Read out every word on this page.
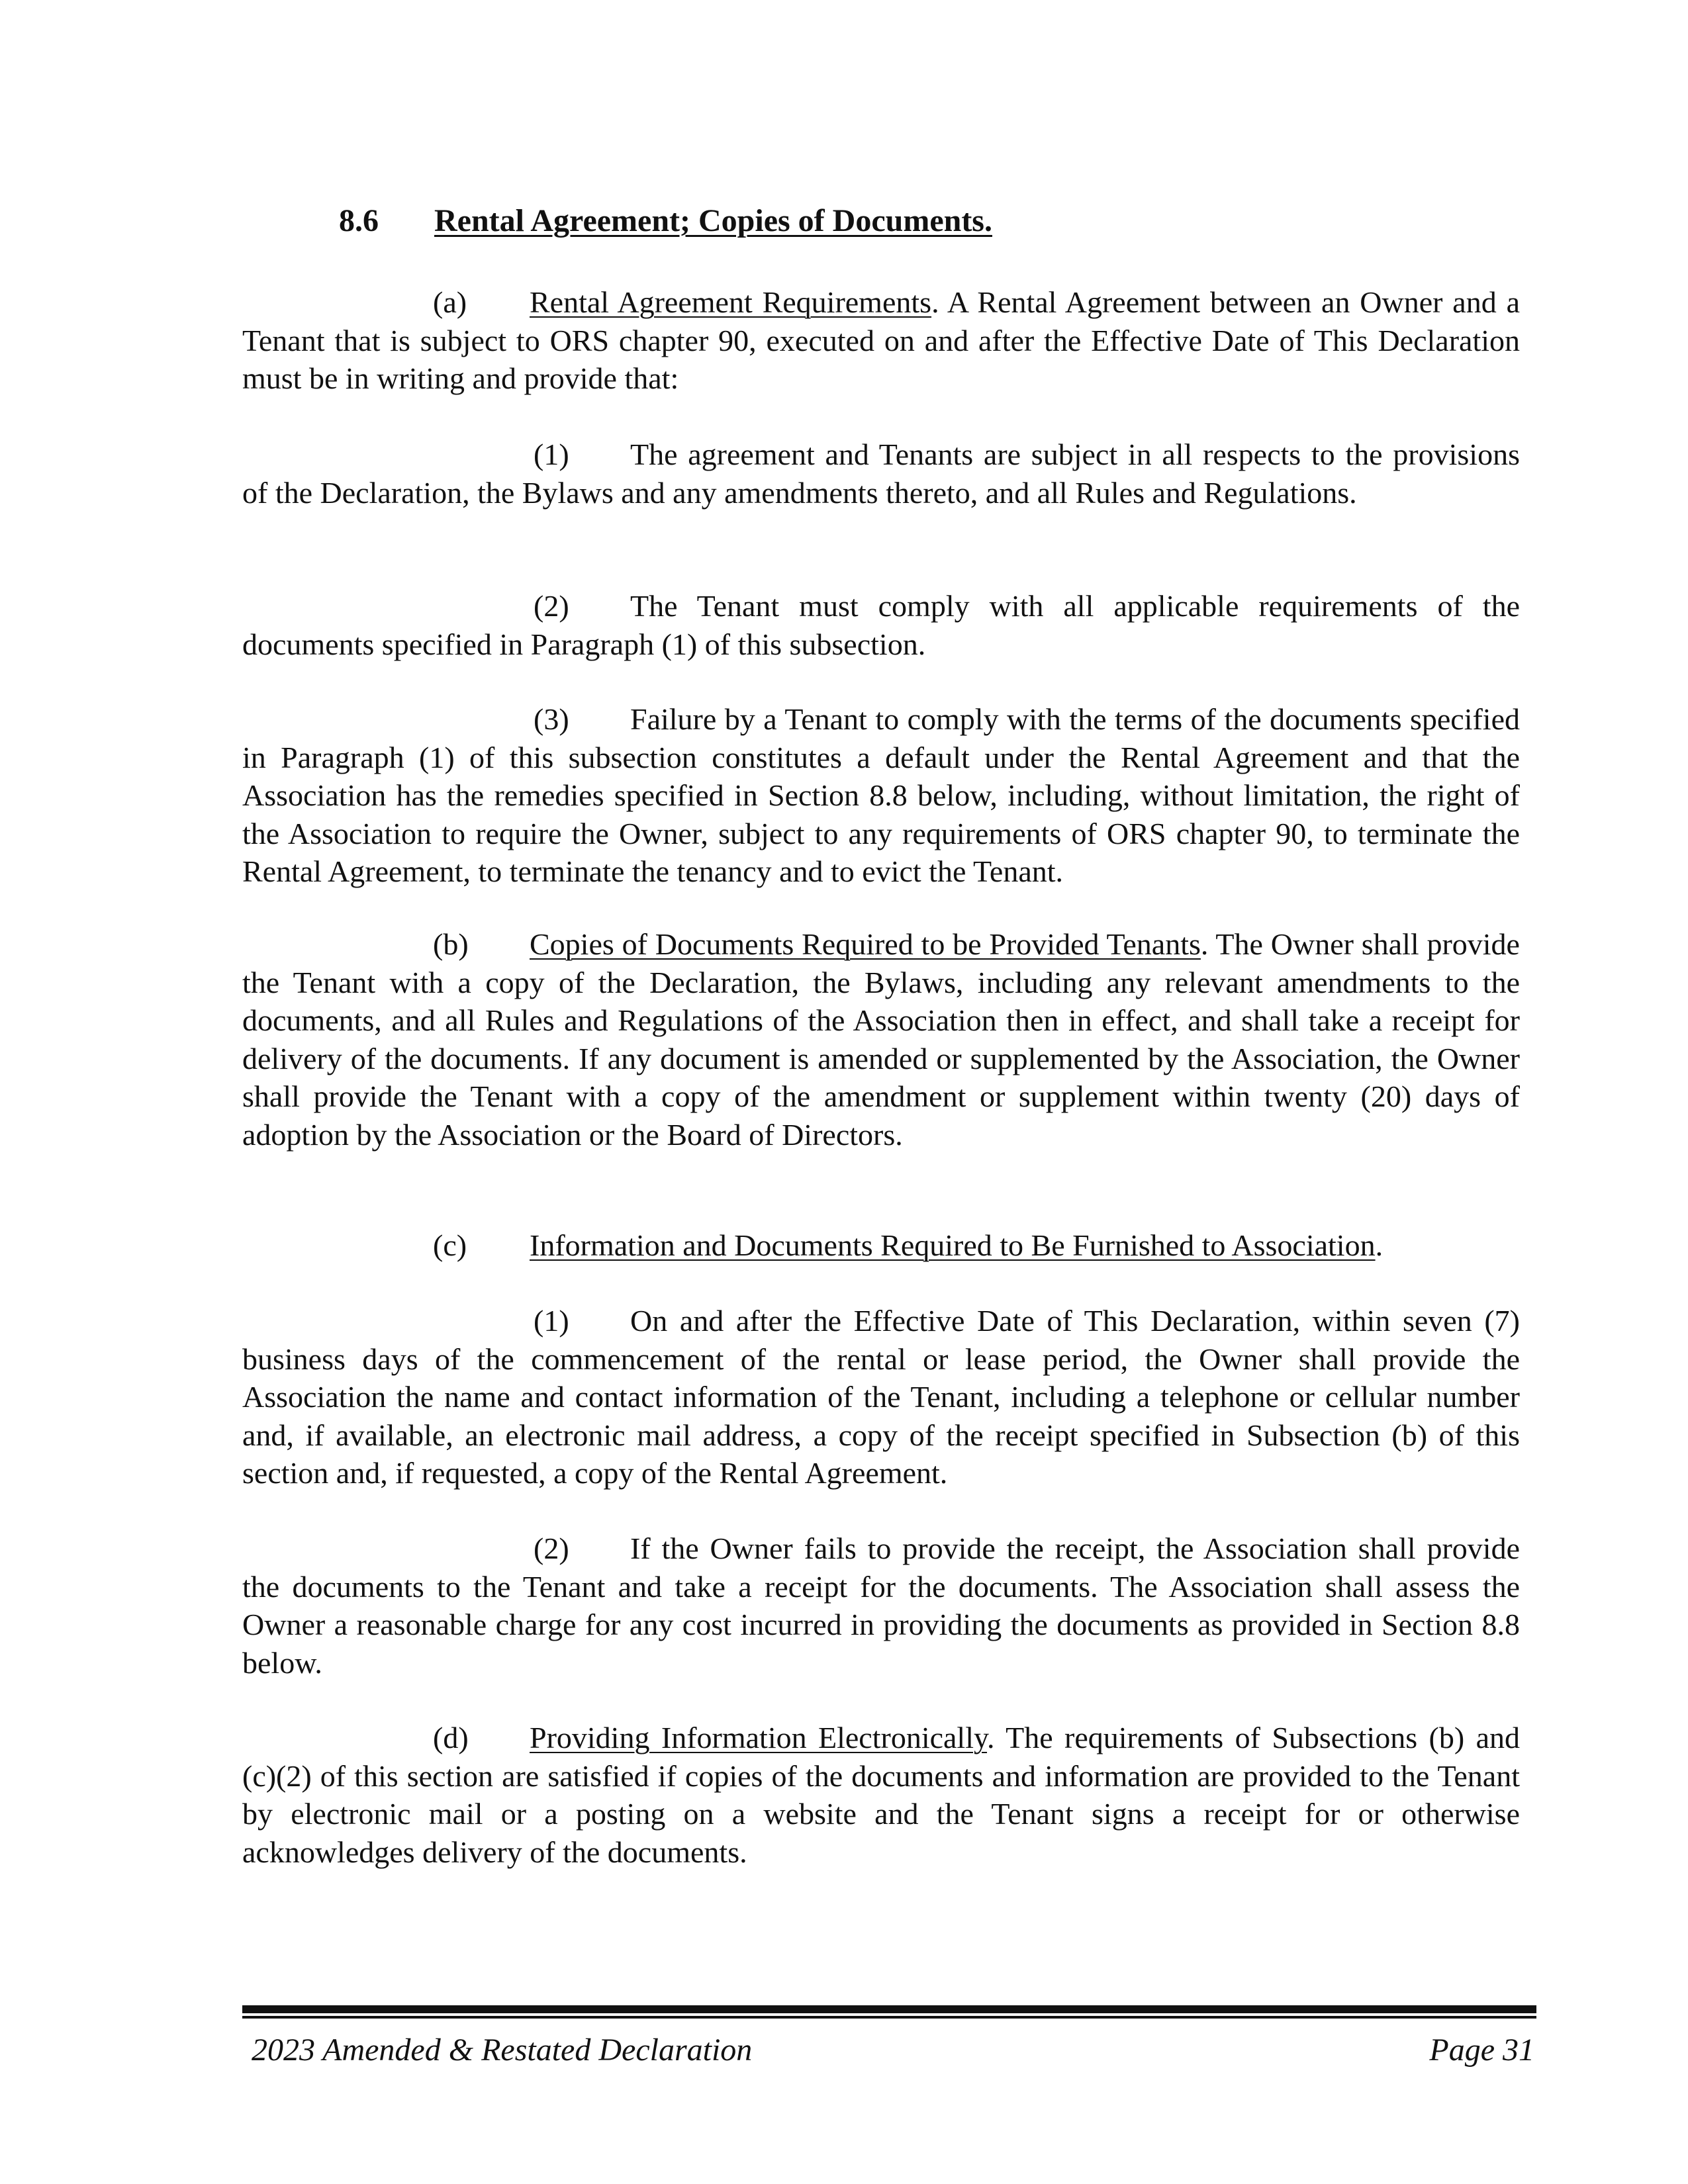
8.6 Rental Agreement; Copies of Documents.
(a) Rental Agreement Requirements. A Rental Agreement between an Owner and a Tenant that is subject to ORS chapter 90, executed on and after the Effective Date of This Declaration must be in writing and provide that:
(1) The agreement and Tenants are subject in all respects to the provisions of the Declaration, the Bylaws and any amendments thereto, and all Rules and Regulations.
(2) The Tenant must comply with all applicable requirements of the documents specified in Paragraph (1) of this subsection.
(3) Failure by a Tenant to comply with the terms of the documents specified in Paragraph (1) of this subsection constitutes a default under the Rental Agreement and that the Association has the remedies specified in Section 8.8 below, including, without limitation, the right of the Association to require the Owner, subject to any requirements of ORS chapter 90, to terminate the Rental Agreement, to terminate the tenancy and to evict the Tenant.
(b) Copies of Documents Required to be Provided Tenants. The Owner shall provide the Tenant with a copy of the Declaration, the Bylaws, including any relevant amendments to the documents, and all Rules and Regulations of the Association then in effect, and shall take a receipt for delivery of the documents. If any document is amended or supplemented by the Association, the Owner shall provide the Tenant with a copy of the amendment or supplement within twenty (20) days of adoption by the Association or the Board of Directors.
(c) Information and Documents Required to Be Furnished to Association.
(1) On and after the Effective Date of This Declaration, within seven (7) business days of the commencement of the rental or lease period, the Owner shall provide the Association the name and contact information of the Tenant, including a telephone or cellular number and, if available, an electronic mail address, a copy of the receipt specified in Subsection (b) of this section and, if requested, a copy of the Rental Agreement.
(2) If the Owner fails to provide the receipt, the Association shall provide the documents to the Tenant and take a receipt for the documents. The Association shall assess the Owner a reasonable charge for any cost incurred in providing the documents as provided in Section 8.8 below.
(d) Providing Information Electronically. The requirements of Subsections (b) and (c)(2) of this section are satisfied if copies of the documents and information are provided to the Tenant by electronic mail or a posting on a website and the Tenant signs a receipt for or otherwise acknowledges delivery of the documents.
2023 Amended & Restated Declaration	Page 31
